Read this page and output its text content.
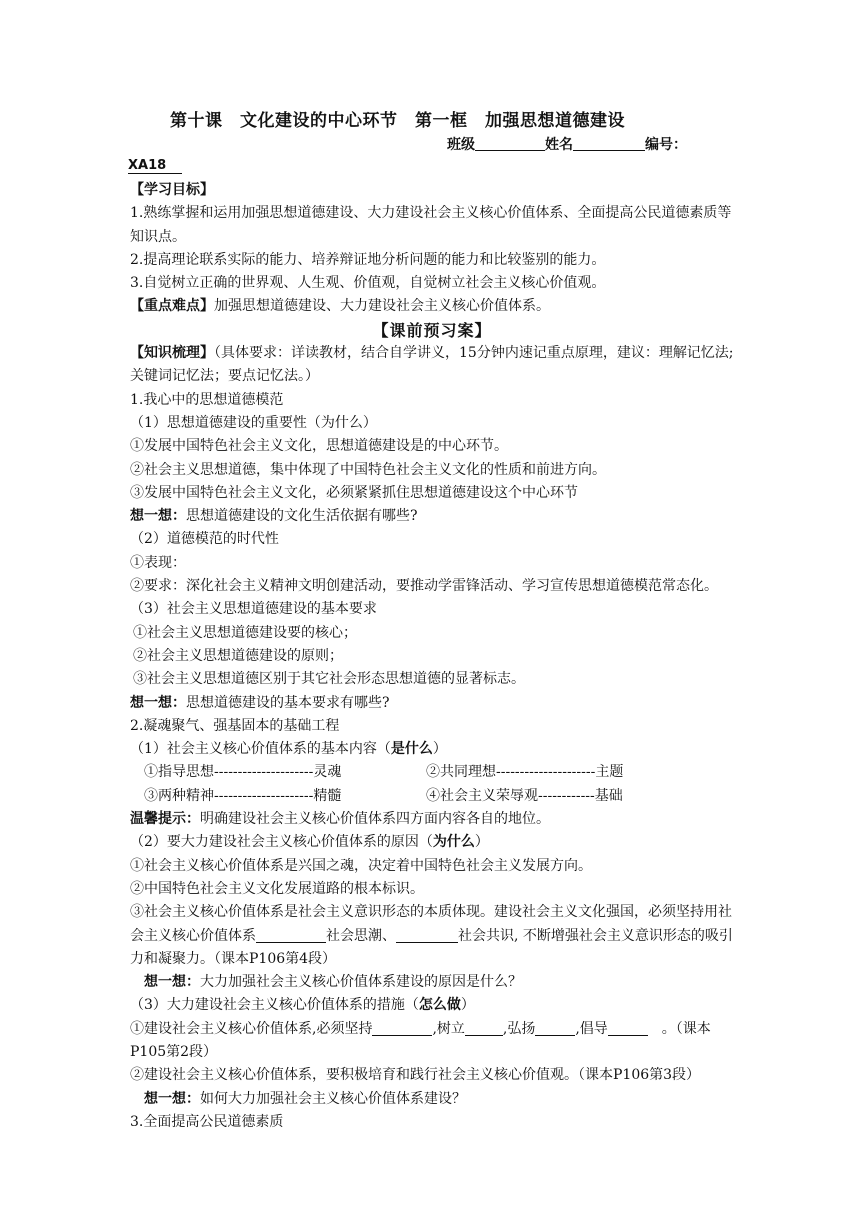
第十课　文化建设的中心环节　第一框　加强思想道德建设
班级	姓名	编号：
XA18
【学习目标】
1.熟练掌握和运用加强思想道德建设、大力建设社会主义核心价值体系、全面提高公民道德素质等知识点。
2.提高理论联系实际的能力、培养辩证地分析问题的能力和比较鉴别的能力。
3.自觉树立正确的世界观、人生观、价值观，自觉树立社会主义核心价值观。
【重点难点】加强思想道德建设、大力建设社会主义核心价值体系。
【课前预习案】
【知识梳理】（具体要求：详读教材，结合自学讲义，15分钟内速记重点原理，建议：理解记忆法;关键词记忆法；要点记忆法。）
1.我心中的思想道德模范
（1）思想道德建设的重要性（为什么）
①发展中国特色社会主义文化，思想道德建设是的中心环节。
②社会主义思想道德，集中体现了中国特色社会主义文化的性质和前进方向。
③发展中国特色社会主义文化，必须紧紧抓住思想道德建设这个中心环节
想一想：思想道德建设的文化生活依据有哪些?
（2）道德模范的时代性
①表现：
②要求：深化社会主义精神文明创建活动，要推动学雷锋活动、学习宣传思想道德模范常态化。
（3）社会主义思想道德建设的基本要求
①社会主义思想道德建设要的核心；
②社会主义思想道德建设的原则；
③社会主义思想道德区别于其它社会形态思想道德的显著标志。
想一想：思想道德建设的基本要求有哪些?
2.凝魂聚气、强基固本的基础工程
（1）社会主义核心价值体系的基本内容（是什么）
①指导思想---------------------灵魂	②共同理想---------------------主题
③两种精神---------------------精髓	④社会主义荣辱观------------基础
温馨提示：明确建设社会主义核心价值体系四方面内容各自的地位。
（2）要大力建设社会主义核心价值体系的原因（为什么）
①社会主义核心价值体系是兴国之魂，决定着中国特色社会主义发展方向。
②中国特色社会主义文化发展道路的根本标识。
③社会主义核心价值体系是社会主义意识形态的本质体现。建设社会主义文化强国，必须坚持用社会主义核心价值体系	社会思潮、	社会共识, 不断增强社会主义意识形态的吸引力和凝聚力。（课本P106第4段）
想一想：大力加强社会主义核心价值体系建设的原因是什么？
（3）大力建设社会主义核心价值体系的措施（怎么做）
①建设社会主义核心价值体系,必须坚持	,树立	,弘扬	,倡导	　。（课本P105第2段）
②建设社会主义核心价值体系，要积极培育和践行社会主义核心价值观。（课本P106第3段）
想一想：如何大力加强社会主义核心价值体系建设？
3.全面提高公民道德素质
